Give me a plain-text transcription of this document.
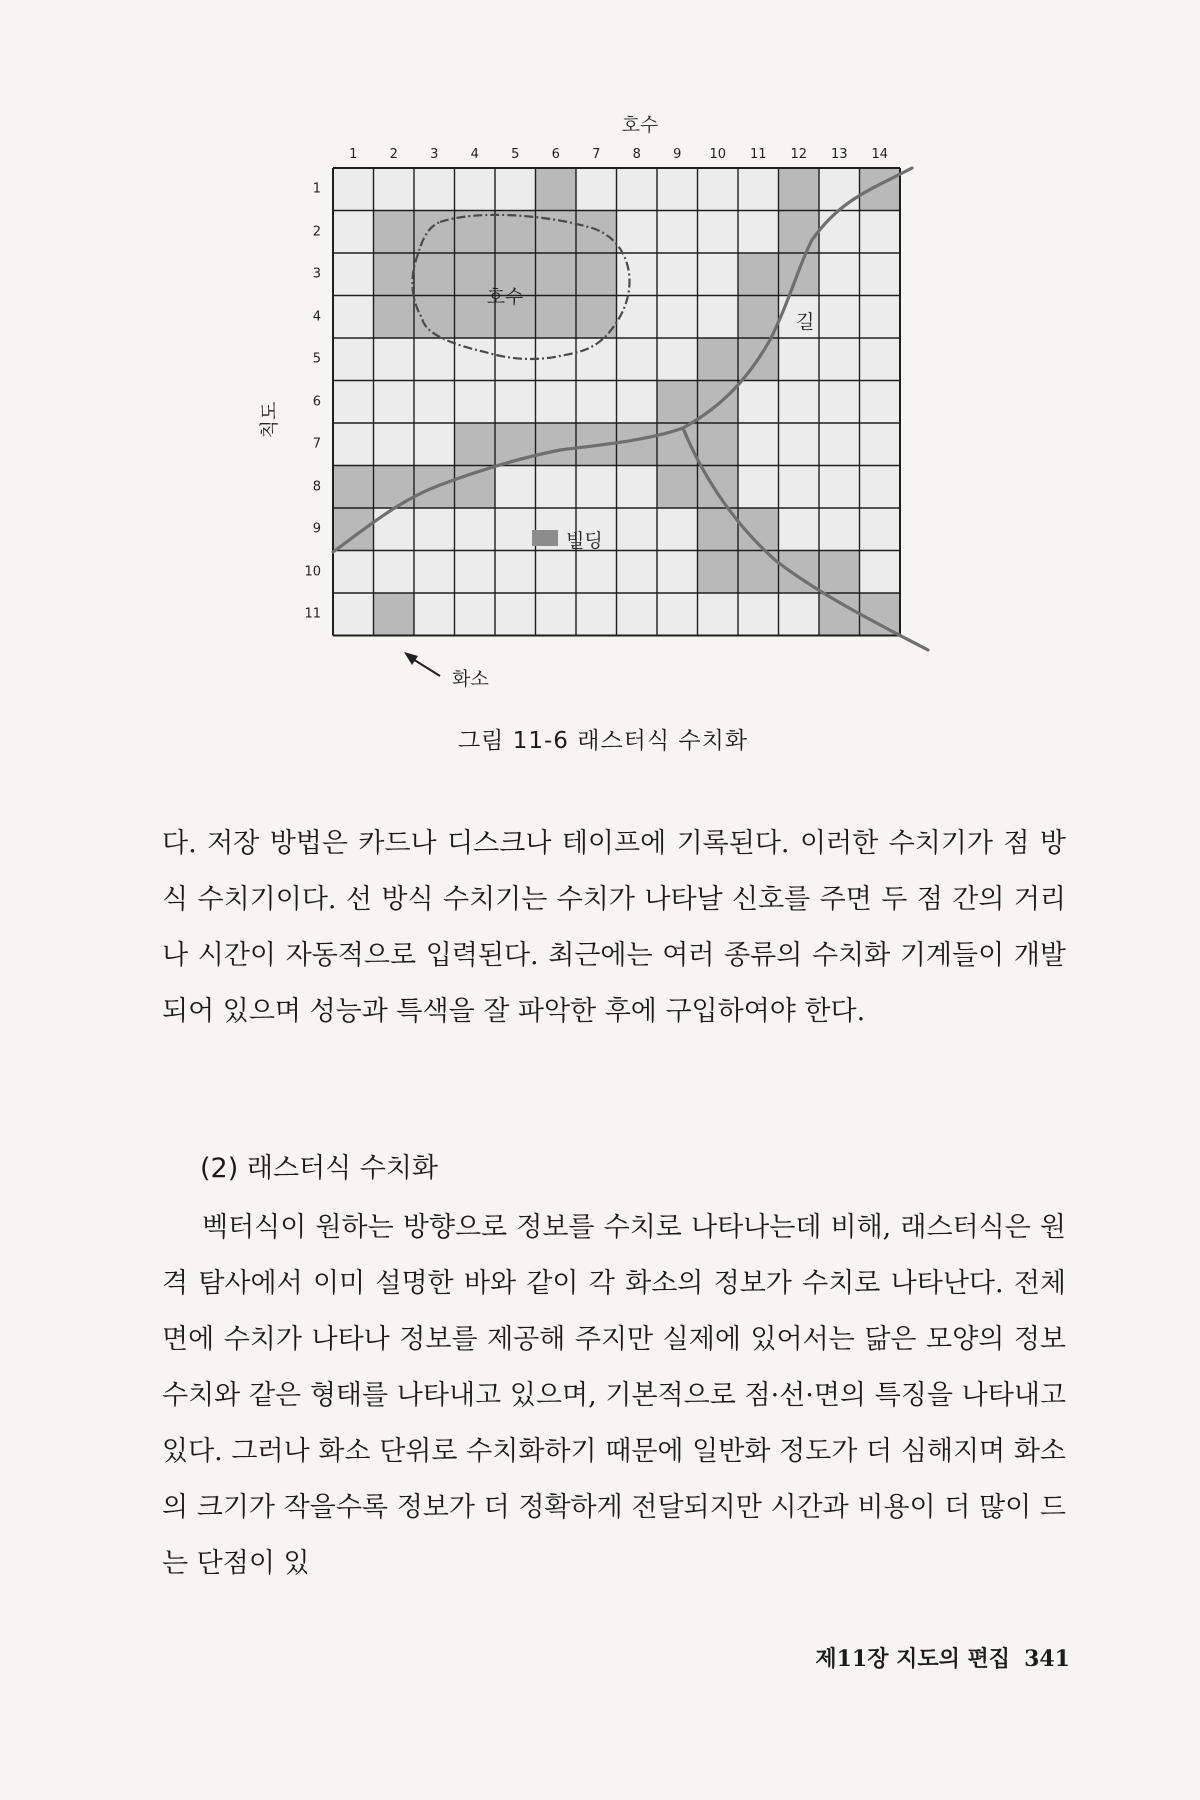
호수
칙도
1 2 3 4 5 6 7 8 9 10 11 12 13 14
1
2
3
4
5
6
7
8
9
10
11
호수
길
빌딩
화소
그림 11-6 래스터식 수치화

다. 저장 방법은 카드나 디스크나 테이프에 기록된다. 이러한 수치기가 점 방식 수치기이다. 선 방식 수치기는 수치가 나타날 신호를 주면 두 점 간의 거리나 시간이 자동적으로 입력된다. 최근에는 여러 종류의 수치화 기계들이 개발되어 있으며 성능과 특색을 잘 파악한 후에 구입하여야 한다.

(2) 래스터식 수치화

벡터식이 원하는 방향으로 정보를 수치로 나타나는데 비해, 래스터식은 원격 탐사에서 이미 설명한 바와 같이 각 화소의 정보가 수치로 나타난다. 전체 면에 수치가 나타나 정보를 제공해 주지만 실제에 있어서는 닮은 모양의 정보 수치와 같은 형태를 나타내고 있으며, 기본적으로 점·선·면의 특징을 나타내고 있다. 그러나 화소 단위로 수치화하기 때문에 일반화 정도가 더 심해지며 화소의 크기가 작을수록 정보가 더 정확하게 전달되지만 시간과 비용이 더 많이 드는 단점이 있

제11장 지도의 편집 341
